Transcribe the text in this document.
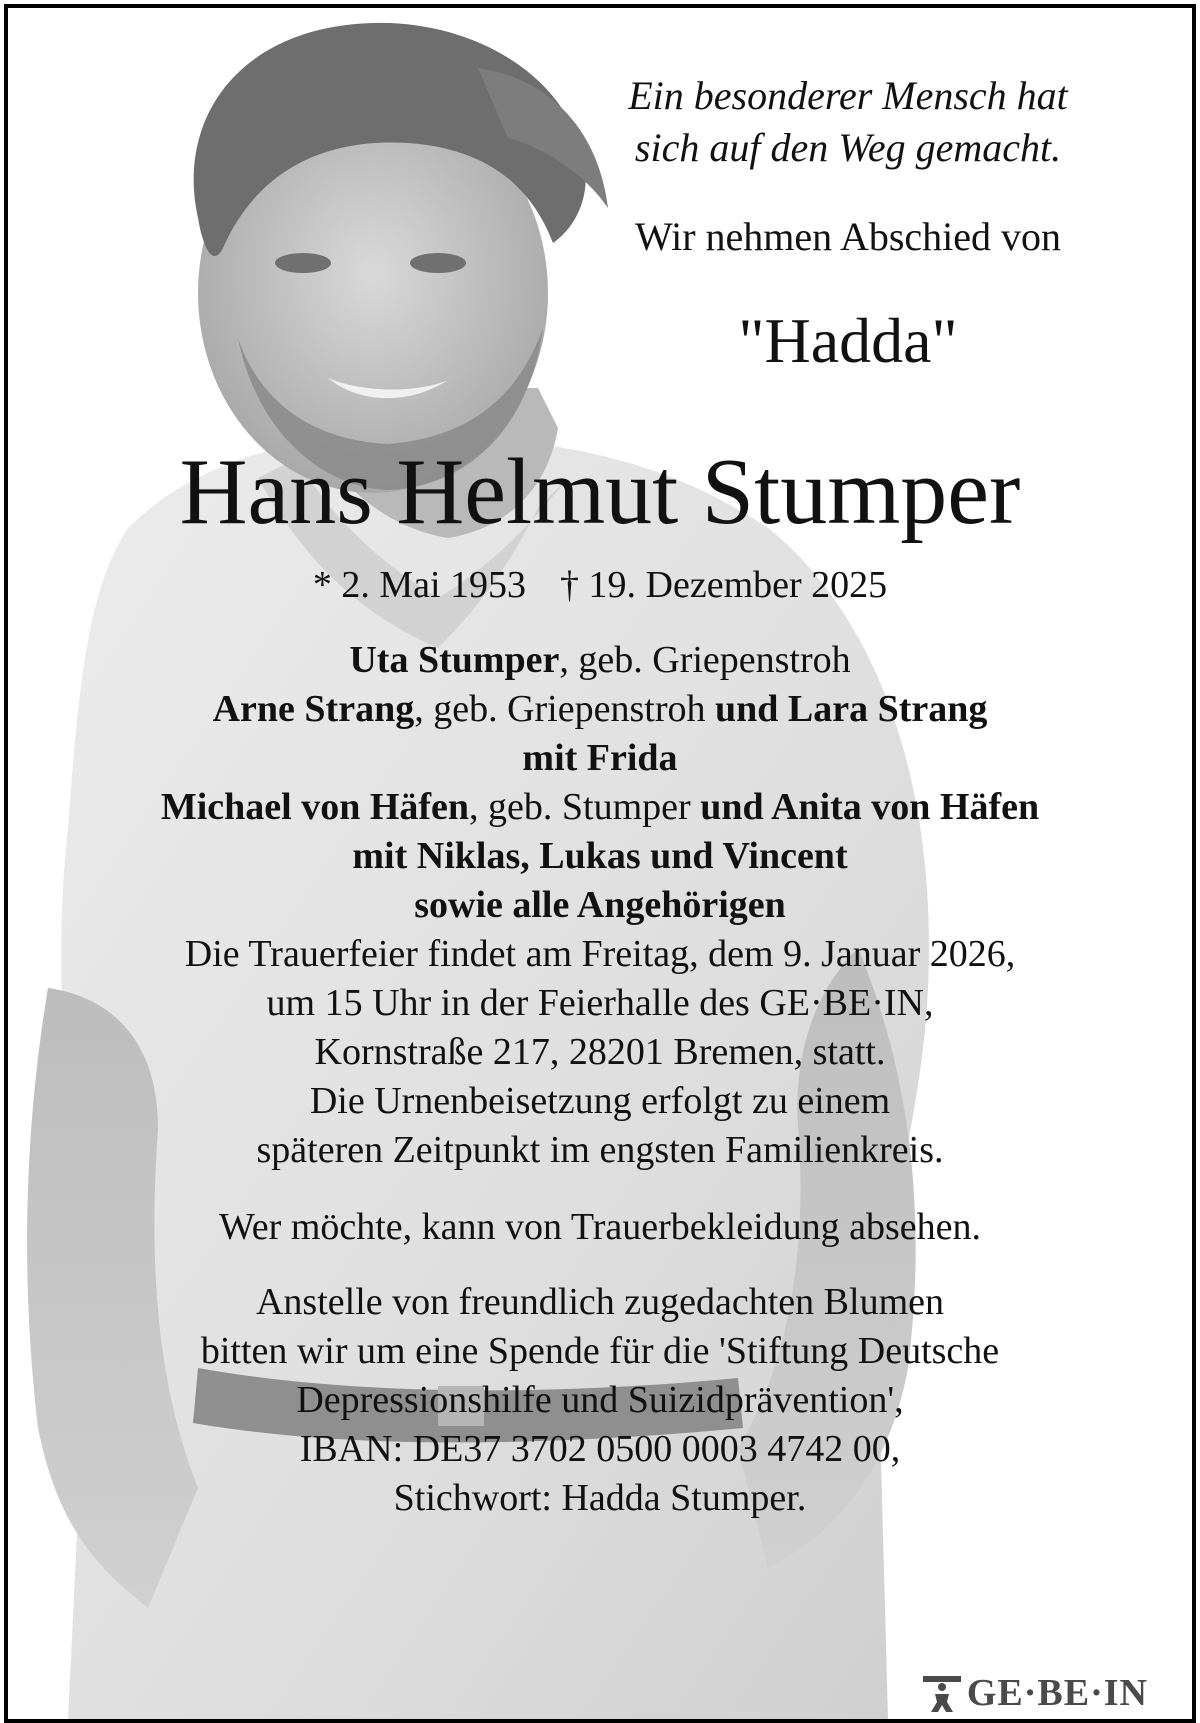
Ein besonderer Mensch hat
sich auf den Weg gemacht.
Wir nehmen Abschied von
"Hadda"
Hans Helmut Stumper
* 2. Mai 1953 † 19. Dezember 2025
Uta Stumper, geb. Griepenstroh
Arne Strang, geb. Griepenstroh und Lara Strang
mit Frida
Michael von Häfen, geb. Stumper und Anita von Häfen
mit Niklas, Lukas und Vincent
sowie alle Angehörigen
Die Trauerfeier findet am Freitag, dem 9. Januar 2026,
um 15 Uhr in der Feierhalle des GE·BE·IN,
Kornstraße 217, 28201 Bremen, statt.
Die Urnenbeisetzung erfolgt zu einem
späteren Zeitpunkt im engsten Familienkreis.
Wer möchte, kann von Trauerbekleidung absehen.
Anstelle von freundlich zugedachten Blumen
bitten wir um eine Spende für die 'Stiftung Deutsche
Depressionshilfe und Suizidprävention',
IBAN: DE37 3702 0500 0003 4742 00,
Stichwort: Hadda Stumper.
GE·BE·IN
